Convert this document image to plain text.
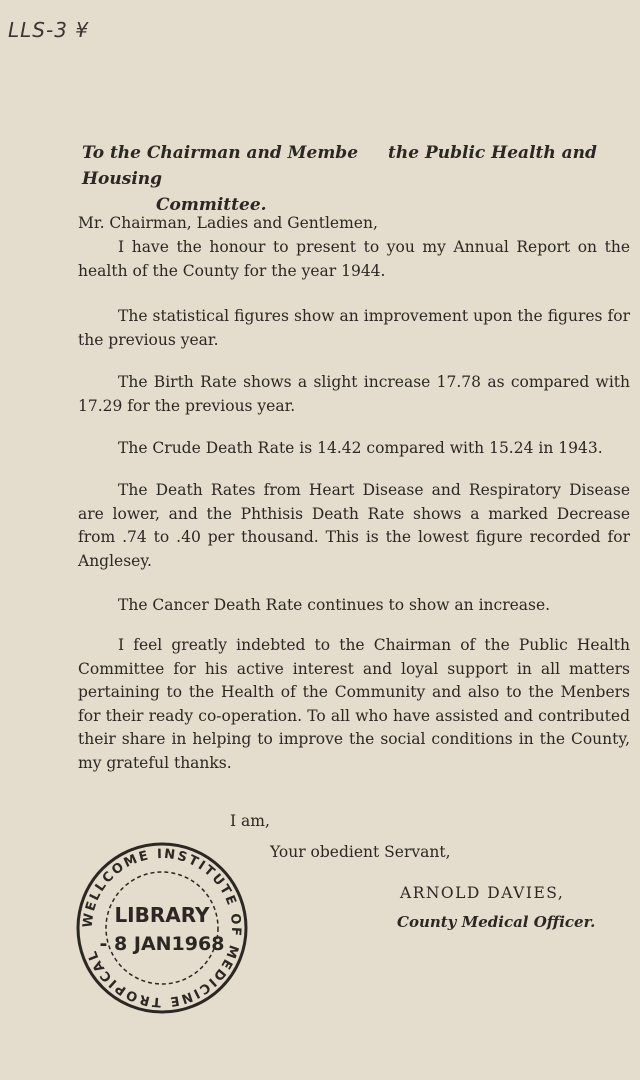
LLS-3 ¥
To the Chairman and Membe the Public Health and Housing
Committee.
Mr. Chairman, Ladies and Gentlemen,
I have the honour to present to you my Annual Report on the health of the County for the year 1944.
The statistical figures show an improvement upon the figures for the previous year.
The Birth Rate shows a slight increase 17.78 as compared with 17.29 for the previous year.
The Crude Death Rate is 14.42 compared with 15.24 in 1943.
The Death Rates from Heart Disease and Respiratory Disease are lower, and the Phthisis Death Rate shows a marked Decrease from .74 to .40 per thousand. This is the lowest figure recorded for Anglesey.
The Cancer Death Rate continues to show an increase.
I feel greatly indebted to the Chairman of the Public Health Committee for his active interest and loyal support in all matters pertaining to the Health of the Community and also to the Menbers for their ready co-operation. To all who have assisted and contributed their share in helping to improve the social conditions in the County, my grateful thanks.
I am,
Your obedient Servant,
ARNOLD DAVIES,
County Medical Officer.
WELLCOME INSTITUTE OF MEDICINE TROPICAL
LIBRARY
- 8 JAN1968
